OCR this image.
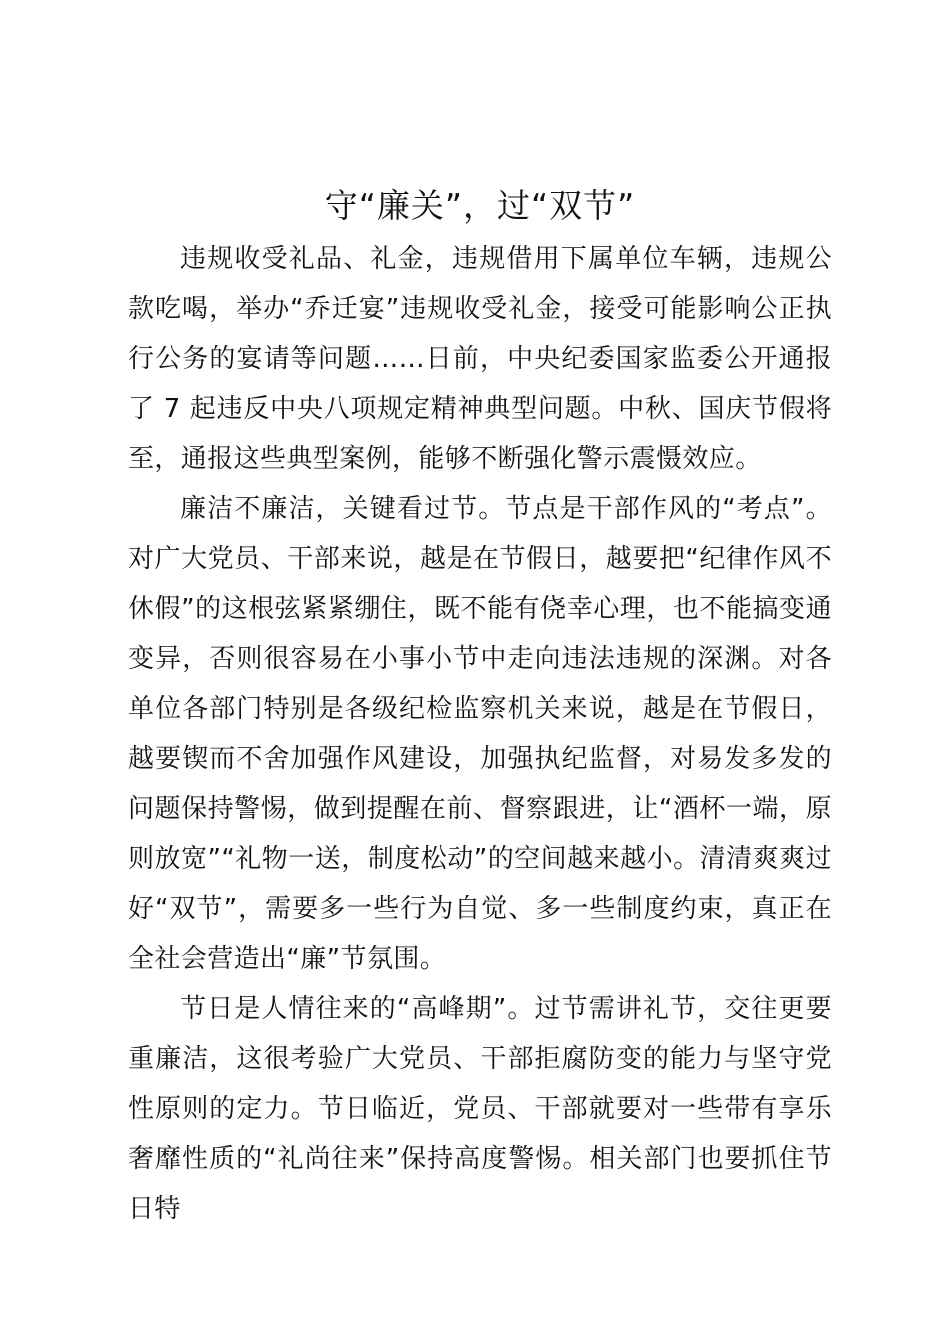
守“廉关”，过“双节”

违规收受礼品、礼金，违规借用下属单位车辆，违规公款吃喝，举办“乔迁宴”违规收受礼金，接受可能影响公正执行公务的宴请等问题……日前，中央纪委国家监委公开通报了 7 起违反中央八项规定精神典型问题。中秋、国庆节假将至，通报这些典型案例，能够不断强化警示震慑效应。

廉洁不廉洁，关键看过节。节点是干部作风的“考点”。对广大党员、干部来说，越是在节假日，越要把“纪律作风不休假”的这根弦紧紧绷住，既不能有侥幸心理，也不能搞变通变异，否则很容易在小事小节中走向违法违规的深渊。对各单位各部门特别是各级纪检监察机关来说，越是在节假日，越要锲而不舍加强作风建设，加强执纪监督，对易发多发的问题保持警惕，做到提醒在前、督察跟进，让“酒杯一端，原则放宽”“礼物一送，制度松动”的空间越来越小。清清爽爽过好“双节”，需要多一些行为自觉、多一些制度约束，真正在全社会营造出“廉”节氛围。

节日是人情往来的“高峰期”。过节需讲礼节，交往更要重廉洁，这很考验广大党员、干部拒腐防变的能力与坚守党性原则的定力。节日临近，党员、干部就要对一些带有享乐奢靡性质的“礼尚往来”保持高度警惕。相关部门也要抓住节日特
